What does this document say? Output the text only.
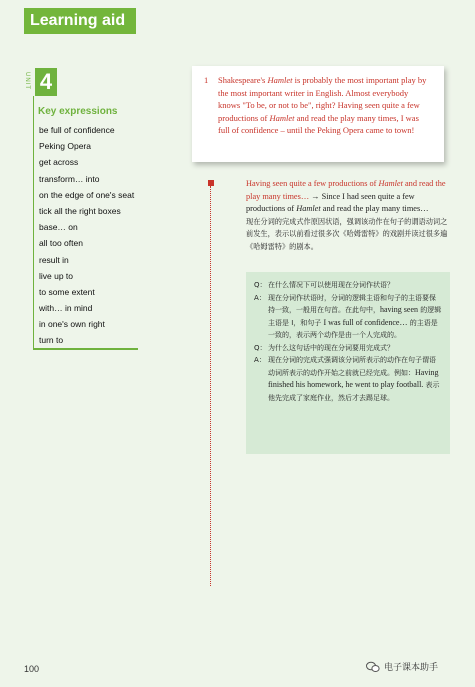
Learning aid
UNIT 4
Key expressions
be full of confidence
Peking Opera
get across
transform… into
on the edge of one's seat
tick all the right boxes
base… on
all too often
result in
live up to
to some extent
with… in mind
in one's own right
turn to
1 Shakespeare's Hamlet is probably the most important play by the most important writer in English. Almost everybody knows "To be, or not to be", right? Having seen quite a few productions of Hamlet and read the play many times, I was full of confidence – until the Peking Opera came to town!
Having seen quite a few productions of Hamlet and read the play many times… → Since I had seen quite a few productions of Hamlet and read the play many times…
现在分词的完成式作原因状语，强调该动作在句子的谓语动词之前发生，表示以前看过很多次《哈姆雷特》的戏剧并读过很多遍《哈姆雷特》的剧本。
Q： 在什么情况下可以使用现在分词作状语？
A： 现在分词作状语时，分词的逻辑主语和句子的主语要保持一致，一般用在句首。在此句中，having seen 的逻辑主语是 I，和句子 I was full of confidence… 的主语是一致的，表示两个动作是由一个人完成的。
Q： 为什么这句话中的现在分词要用完成式？
A： 现在分词的完成式强调该分词所表示的动作在句子谓语动词所表示的动作开始之前就已经完成。例如：Having finished his homework, he went to play football. 表示他先完成了家庭作业，然后才去踢足球。
100	电子课本助手
